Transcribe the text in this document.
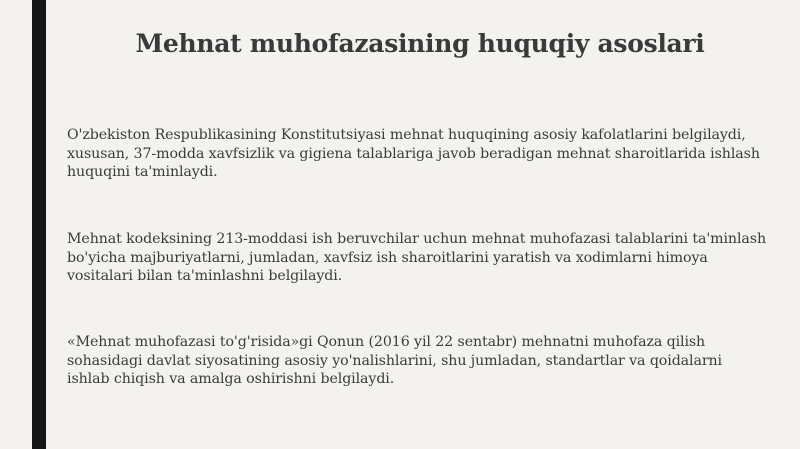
Mehnat muhofazasining huquqiy asoslari

O'zbekiston Respublikasining Konstitutsiyasi mehnat huquqining asosiy kafolatlarini belgilaydi, xususan, 37-modda xavfsizlik va gigiena talablariga javob beradigan mehnat sharoitlarida ishlash huquqini ta'minlaydi.

Mehnat kodeksining 213-moddasi ish beruvchilar uchun mehnat muhofazasi talablarini ta'minlash bo'yicha majburiyatlarni, jumladan, xavfsiz ish sharoitlarini yaratish va xodimlarni himoya vositalari bilan ta'minlashni belgilaydi.

«Mehnat muhofazasi to'g'risida»gi Qonun (2016 yil 22 sentabr) mehnatni muhofaza qilish sohasidagi davlat siyosatining asosiy yo'nalishlarini, shu jumladan, standartlar va qoidalarni ishlab chiqish va amalga oshirishni belgilaydi.
